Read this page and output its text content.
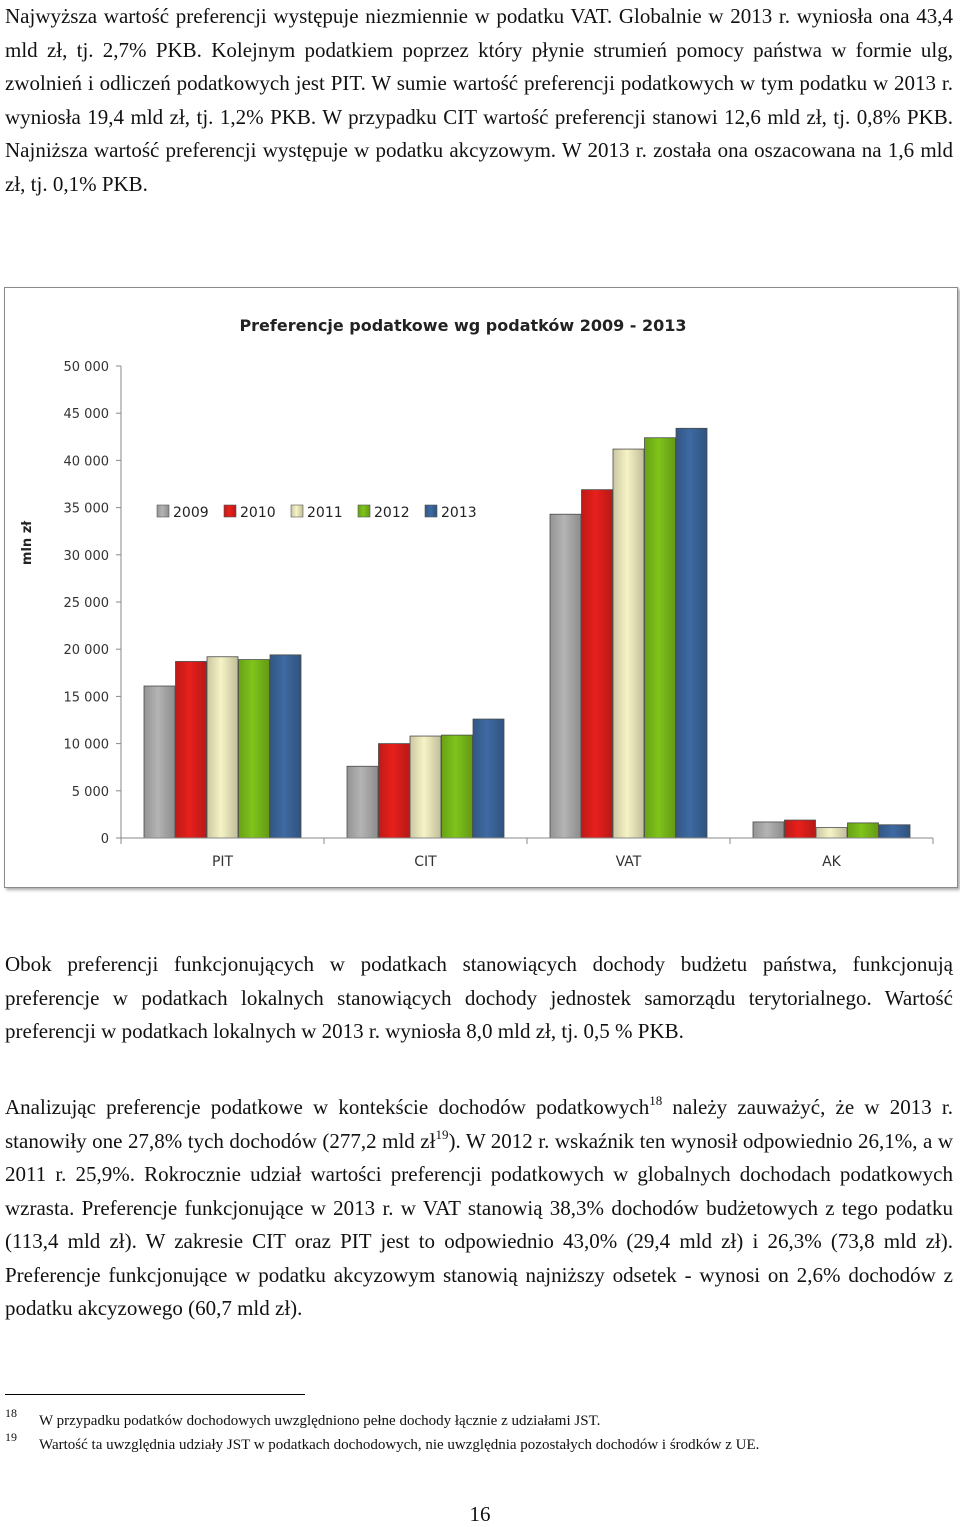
Najwyższa wartość preferencji występuje niezmiennie w podatku VAT. Globalnie w 2013 r. wyniosła ona 43,4 mld zł, tj. 2,7% PKB. Kolejnym podatkiem poprzez który płynie strumień pomocy państwa w formie ulg, zwolnień i odliczeń podatkowych jest PIT. W sumie wartość preferencji podatkowych w tym podatku w 2013 r. wyniosła 19,4 mld zł, tj. 1,2% PKB. W przypadku CIT wartość preferencji stanowi 12,6 mld zł, tj. 0,8% PKB. Najniższa wartość preferencji występuje w podatku akcyzowym. W 2013 r. została ona oszacowana na 1,6 mld zł, tj. 0,1% PKB.

Preferencje podatkowe wg podatków 2009 - 2013
mln zł
0
5 000
10 000
15 000
20 000
25 000
30 000
35 000
40 000
45 000
50 000
PIT	CIT	VAT	AK
2009 2010 2011 2012 2013

Obok preferencji funkcjonujących w podatkach stanowiących dochody budżetu państwa, funkcjonują preferencje w podatkach lokalnych stanowiących dochody jednostek samorządu terytorialnego. Wartość preferencji w podatkach lokalnych w 2013 r. wyniosła 8,0 mld zł, tj. 0,5 % PKB.

Analizując preferencje podatkowe w kontekście dochodów podatkowych$^{18}$ należy zauważyć, że w 2013 r. stanowiły one 27,8% tych dochodów (277,2 mld $zł^{19}$). W 2012 r. wskaźnik ten wynosił odpowiednio 26,1%, a w 2011 r. 25,9%. Rokrocznie udział wartości preferencji podatkowych w globalnych dochodach podatkowych wzrasta. Preferencje funkcjonujące w 2013 r. w VAT stanowią 38,3% dochodów budżetowych z tego podatku (113,4 mld zł). W zakresie CIT oraz PIT jest to odpowiednio 43,0% (29,4 mld zł) i 26,3% (73,8 mld zł). Preferencje funkcjonujące w podatku akcyzowym stanowią najniższy odsetek - wynosi on 2,6% dochodów z podatku akcyzowego (60,7 mld zł).

18 W przypadku podatków dochodowych uwzględniono pełne dochody łącznie z udziałami JST.
19 Wartość ta uwzględnia udziały JST w podatkach dochodowych, nie uwzględnia pozostałych dochodów i środków z UE.
16
